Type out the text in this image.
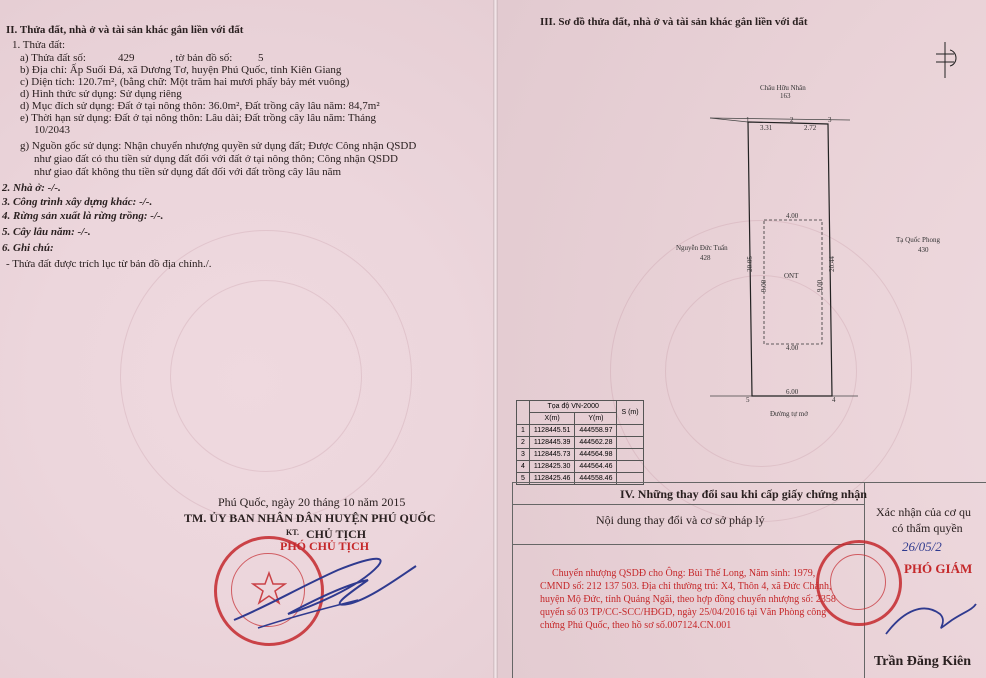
II. Thửa đất, nhà ở và tài sản khác gắn liền với đất
1. Thửa đất:
a) Thửa đất số:	429	, tờ bản đồ số: 5
b) Địa chỉ: Ấp Suối Đá, xã Dương Tơ, huyện Phú Quốc, tỉnh Kiên Giang
c) Diện tích: 120.7m², (bằng chữ: Một trăm hai mươi phẩy bảy mét vuông)
d) Hình thức sử dụng: Sử dụng riêng
d) Mục đích sử dụng: Đất ở tại nông thôn: 36.0m², Đất trồng cây lâu năm: 84,7m²
e) Thời hạn sử dụng: Đất ở tại nông thôn: Lâu dài; Đất trồng cây lâu năm: Tháng
10/2043
g) Nguồn gốc sử dụng: Nhận chuyển nhượng quyền sử dụng đất; Được Công nhận QSDD
như giao đất có thu tiền sử dụng đất đối với đất ở tại nông thôn; Công nhận QSDD
như giao đất không thu tiền sử dụng đất đối với đất trồng cây lâu năm
2. Nhà ở: -/-.
3. Công trình xây dựng khác: -/-.
4. Rừng sản xuất là rừng trồng: -/-.
5. Cây lâu năm: -/-.
6. Ghi chú:
- Thửa đất được trích lục từ bản đồ địa chính./.
Phú Quốc, ngày 20 tháng 10 năm 2015
TM. ỦY BAN NHÂN DÂN HUYỆN PHÚ QUỐC
KT. CHỦ TỊCH
PHÓ CHỦ TỊCH
III. Sơ đồ thửa đất, nhà ở và tài sản khác gắn liền với đất
Châu Hữu Nhân
163
Nguyễn Đức Tuấn
428
Tạ Quốc Phong
430
Đường tự mở
1	2	3
4
5
3.31	2.72
20.05	20.44
6.00
4.00
4.00
9.00	9.00
ONT
	Tọa độ VN-2000		S (m)
	X(m)	Y(m)	
1	1128445.51	444558.97	
2	1128445.39	444562.28	
3	1128445.73	444564.98	
4	1128425.30	444564.46	
5	1128425.46	444558.46	
IV. Những thay đổi sau khi cấp giấy chứng nhận
Nội dung thay đổi và cơ sở pháp lý
Xác nhận của cơ qu
có thẩm quyền
Chuyển nhượng QSDĐ cho Ông: Bùi Thế Long, Năm sinh: 1979,
CMND số: 212 137 503. Địa chỉ thường trú: X4, Thôn 4, xã Đức Chánh,
huyện Mộ Đức, tỉnh Quảng Ngãi, theo hợp đồng chuyển nhượng số: 2358
quyển số 03 TP/CC-SCC/HĐGD, ngày 25/04/2016 tại Văn Phòng công
chứng Phú Quốc, theo hồ sơ số.007124.CN.001
26/05/2
PHÓ GIÁM
Trần Đăng Kiên
